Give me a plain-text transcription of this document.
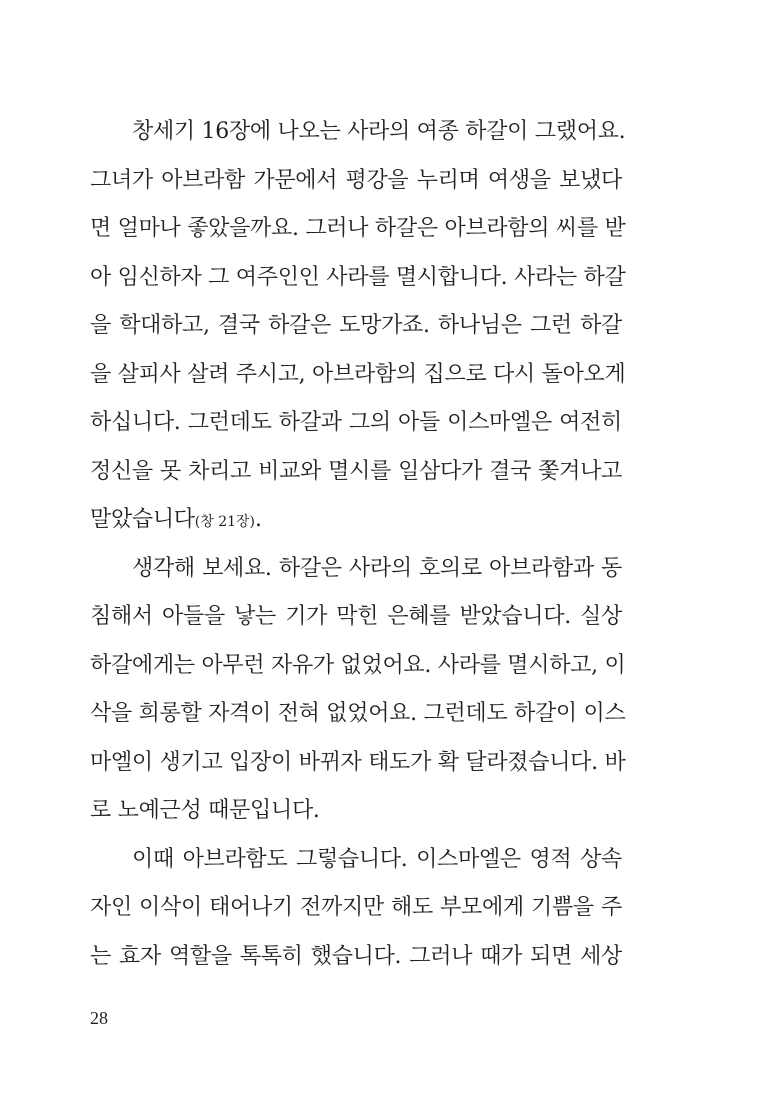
창세기 16장에 나오는 사라의 여종 하갈이 그랬어요.
그녀가 아브라함 가문에서 평강을 누리며 여생을 보냈다
면 얼마나 좋았을까요. 그러나 하갈은 아브라함의 씨를 받
아 임신하자 그 여주인인 사라를 멸시합니다. 사라는 하갈
을 학대하고, 결국 하갈은 도망가죠. 하나님은 그런 하갈
을 살피사 살려 주시고, 아브라함의 집으로 다시 돌아오게
하십니다. 그런데도 하갈과 그의 아들 이스마엘은 여전히
정신을 못 차리고 비교와 멸시를 일삼다가 결국 쫓겨나고
말았습니다(창 21장).
생각해 보세요. 하갈은 사라의 호의로 아브라함과 동
침해서 아들을 낳는 기가 막힌 은혜를 받았습니다. 실상
하갈에게는 아무런 자유가 없었어요. 사라를 멸시하고, 이
삭을 희롱할 자격이 전혀 없었어요. 그런데도 하갈이 이스
마엘이 생기고 입장이 바뀌자 태도가 확 달라졌습니다. 바
로 노예근성 때문입니다.
이때 아브라함도 그렇습니다. 이스마엘은 영적 상속
자인 이삭이 태어나기 전까지만 해도 부모에게 기쁨을 주
는 효자 역할을 톡톡히 했습니다. 그러나 때가 되면 세상
28
